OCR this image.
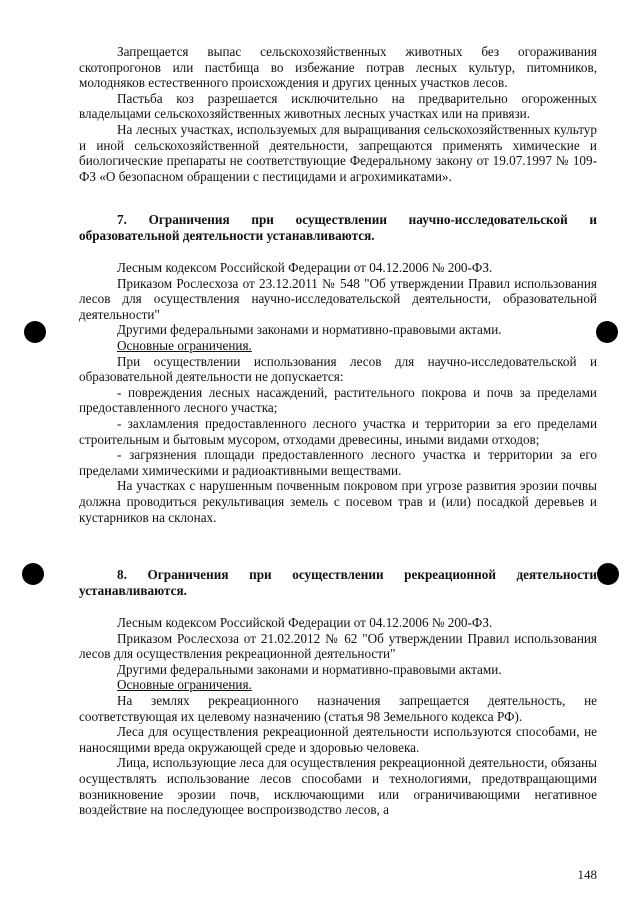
Запрещается выпас сельскохозяйственных животных без огораживания скотопрогонов или пастбища во избежание потрав лесных культур, питомников, молодняков естественного происхождения и других ценных участков лесов.

Пастьба коз разрешается исключительно на предварительно огороженных владельцами сельскохозяйственных животных лесных участках или на привязи.

На лесных участках, используемых для выращивания сельскохозяйственных культур и иной сельскохозяйственной деятельности, запрещаются применять химические и биологические препараты не соответствующие Федеральному закону от 19.07.1997 № 109-ФЗ «О безопасном обращении с пестицидами и агрохимикатами».

7. Ограничения при осуществлении научно-исследовательской и образовательной деятельности устанавливаются.

Лесным кодексом Российской Федерации от 04.12.2006 № 200-ФЗ.

Приказом Рослесхоза от 23.12.2011 № 548 "Об утверждении Правил использования лесов для осуществления научно-исследовательской деятельности, образовательной деятельности"

Другими федеральными законами и нормативно-правовыми актами.

Основные ограничения.

При осуществлении использования лесов для научно-исследовательской и образовательной деятельности не допускается:

- повреждения лесных насаждений, растительного покрова и почв за пределами предоставленного лесного участка;

- захламления предоставленного лесного участка и территории за его пределами строительным и бытовым мусором, отходами древесины, иными видами отходов;

- загрязнения площади предоставленного лесного участка и территории за его пределами химическими и радиоактивными веществами.

На участках с нарушенным почвенным покровом при угрозе развития эрозии почвы должна проводиться рекультивация земель с посевом трав и (или) посадкой деревьев и кустарников на склонах.

8. Ограничения при осуществлении рекреационной деятельности устанавливаются.

Лесным кодексом Российской Федерации от 04.12.2006 № 200-ФЗ.

Приказом Рослесхоза от 21.02.2012 № 62 "Об утверждении Правил использования лесов для осуществления рекреационной деятельности"

Другими федеральными законами и нормативно-правовыми актами.

Основные ограничения.

На землях рекреационного назначения запрещается деятельность, не соответствующая их целевому назначению (статья 98 Земельного кодекса РФ).

Леса для осуществления рекреационной деятельности используются способами, не наносящими вреда окружающей среде и здоровью человека.

Лица, использующие леса для осуществления рекреационной деятельности, обязаны осуществлять использование лесов способами и технологиями, предотвращающими возникновение эрозии почв, исключающими или ограничивающими негативное воздействие на последующее воспроизводство лесов, а

148
